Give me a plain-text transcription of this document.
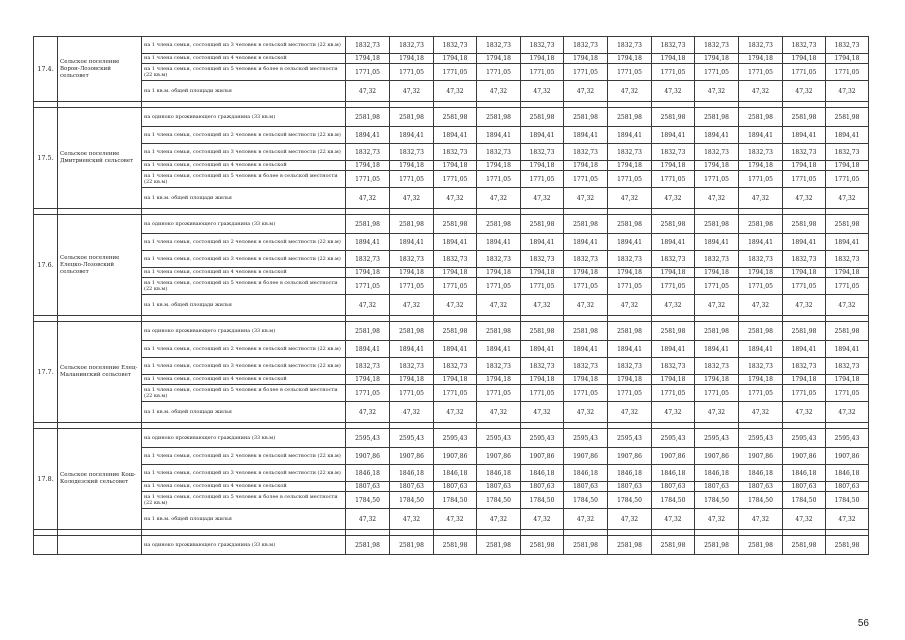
17.4.	Сельское поселение Ворон-Лозовский сельсовет	на 1 члена семьи, состоящей из 3 человек в сельской местности (22 кв.м)	1832,73	1832,73	1832,73	1832,73	1832,73	1832,73	1832,73	1832,73	1832,73	1832,73	1832,73	1832,73
		на 1 члена семьи, состоящей из 4 человек в сельской	1794,18	1794,18	1794,18	1794,18	1794,18	1794,18	1794,18	1794,18	1794,18	1794,18	1794,18	1794,18
		на 1 члена семьи, состоящей из 5 человек и более в сельской местности (22 кв.м)	1771,05	1771,05	1771,05	1771,05	1771,05	1771,05	1771,05	1771,05	1771,05	1771,05	1771,05	1771,05
		на 1 кв.м. общей площади жилья	47,32	47,32	47,32	47,32	47,32	47,32	47,32	47,32	47,32	47,32	47,32	47,32

17.5.	Сельское поселение Дмитриевский сельсовет	на одиноко проживающего гражданина (33 кв.м)	2581,98	2581,98	2581,98	2581,98	2581,98	2581,98	2581,98	2581,98	2581,98	2581,98	2581,98	2581,98
		на 1 члена семьи, состоящей из 2 человек в сельской местности (22 кв.м)	1894,41	1894,41	1894,41	1894,41	1894,41	1894,41	1894,41	1894,41	1894,41	1894,41	1894,41	1894,41
		на 1 члена семьи, состоящей из 3 человек в сельской местности (22 кв.м)	1832,73	1832,73	1832,73	1832,73	1832,73	1832,73	1832,73	1832,73	1832,73	1832,73	1832,73	1832,73
		на 1 члена семьи, состоящей из 4 человек в сельской	1794,18	1794,18	1794,18	1794,18	1794,18	1794,18	1794,18	1794,18	1794,18	1794,18	1794,18	1794,18
		на 1 члена семьи, состоящей из 5 человек и более в сельской местности (22 кв.м)	1771,05	1771,05	1771,05	1771,05	1771,05	1771,05	1771,05	1771,05	1771,05	1771,05	1771,05	1771,05
		на 1 кв.м. общей площади жилья	47,32	47,32	47,32	47,32	47,32	47,32	47,32	47,32	47,32	47,32	47,32	47,32

17.6.	Сельское поселение Елецко-Лозовский сельсовет	на одиноко проживающего гражданина (33 кв.м)	2581,98	2581,98	2581,98	2581,98	2581,98	2581,98	2581,98	2581,98	2581,98	2581,98	2581,98	2581,98
		на 1 члена семьи, состоящей из 2 человек в сельской местности (22 кв.м)	1894,41	1894,41	1894,41	1894,41	1894,41	1894,41	1894,41	1894,41	1894,41	1894,41	1894,41	1894,41
		на 1 члена семьи, состоящей из 3 человек в сельской местности (22 кв.м)	1832,73	1832,73	1832,73	1832,73	1832,73	1832,73	1832,73	1832,73	1832,73	1832,73	1832,73	1832,73
		на 1 члена семьи, состоящей из 4 человек в сельской	1794,18	1794,18	1794,18	1794,18	1794,18	1794,18	1794,18	1794,18	1794,18	1794,18	1794,18	1794,18
		на 1 члена семьи, состоящей из 5 человек и более в сельской местности (22 кв.м)	1771,05	1771,05	1771,05	1771,05	1771,05	1771,05	1771,05	1771,05	1771,05	1771,05	1771,05	1771,05
		на 1 кв.м. общей площади жилья	47,32	47,32	47,32	47,32	47,32	47,32	47,32	47,32	47,32	47,32	47,32	47,32

17.7.	Сельское поселение Елец-Маланинский сельсовет	на одиноко проживающего гражданина (33 кв.м)	2581,98	2581,98	2581,98	2581,98	2581,98	2581,98	2581,98	2581,98	2581,98	2581,98	2581,98	2581,98
		на 1 члена семьи, состоящей из 2 человек в сельской местности (22 кв.м)	1894,41	1894,41	1894,41	1894,41	1894,41	1894,41	1894,41	1894,41	1894,41	1894,41	1894,41	1894,41
		на 1 члена семьи, состоящей из 3 человек в сельской местности (22 кв.м)	1832,73	1832,73	1832,73	1832,73	1832,73	1832,73	1832,73	1832,73	1832,73	1832,73	1832,73	1832,73
		на 1 члена семьи, состоящей из 4 человек в сельской	1794,18	1794,18	1794,18	1794,18	1794,18	1794,18	1794,18	1794,18	1794,18	1794,18	1794,18	1794,18
		на 1 члена семьи, состоящей из 5 человек и более в сельской местности (22 кв.м)	1771,05	1771,05	1771,05	1771,05	1771,05	1771,05	1771,05	1771,05	1771,05	1771,05	1771,05	1771,05
		на 1 кв.м. общей площади жилья	47,32	47,32	47,32	47,32	47,32	47,32	47,32	47,32	47,32	47,32	47,32	47,32

17.8.	Сельское поселение Кош-Колодезский сельсовет	на одиноко проживающего гражданина (33 кв.м)	2595,43	2595,43	2595,43	2595,43	2595,43	2595,43	2595,43	2595,43	2595,43	2595,43	2595,43	2595,43
		на 1 члена семьи, состоящей из 2 человек в сельской местности (22 кв.м)	1907,86	1907,86	1907,86	1907,86	1907,86	1907,86	1907,86	1907,86	1907,86	1907,86	1907,86	1907,86
		на 1 члена семьи, состоящей из 3 человек в сельской местности (22 кв.м)	1846,18	1846,18	1846,18	1846,18	1846,18	1846,18	1846,18	1846,18	1846,18	1846,18	1846,18	1846,18
		на 1 члена семьи, состоящей из 4 человек в сельской	1807,63	1807,63	1807,63	1807,63	1807,63	1807,63	1807,63	1807,63	1807,63	1807,63	1807,63	1807,63
		на 1 члена семьи, состоящей из 5 человек и более в сельской местности (22 кв.м)	1784,50	1784,50	1784,50	1784,50	1784,50	1784,50	1784,50	1784,50	1784,50	1784,50	1784,50	1784,50
		на 1 кв.м. общей площади жилья	47,32	47,32	47,32	47,32	47,32	47,32	47,32	47,32	47,32	47,32	47,32	47,32

		на одиноко проживающего гражданина (33 кв.м)	2581,98	2581,98	2581,98	2581,98	2581,98	2581,98	2581,98	2581,98	2581,98	2581,98	2581,98	2581,98
56
